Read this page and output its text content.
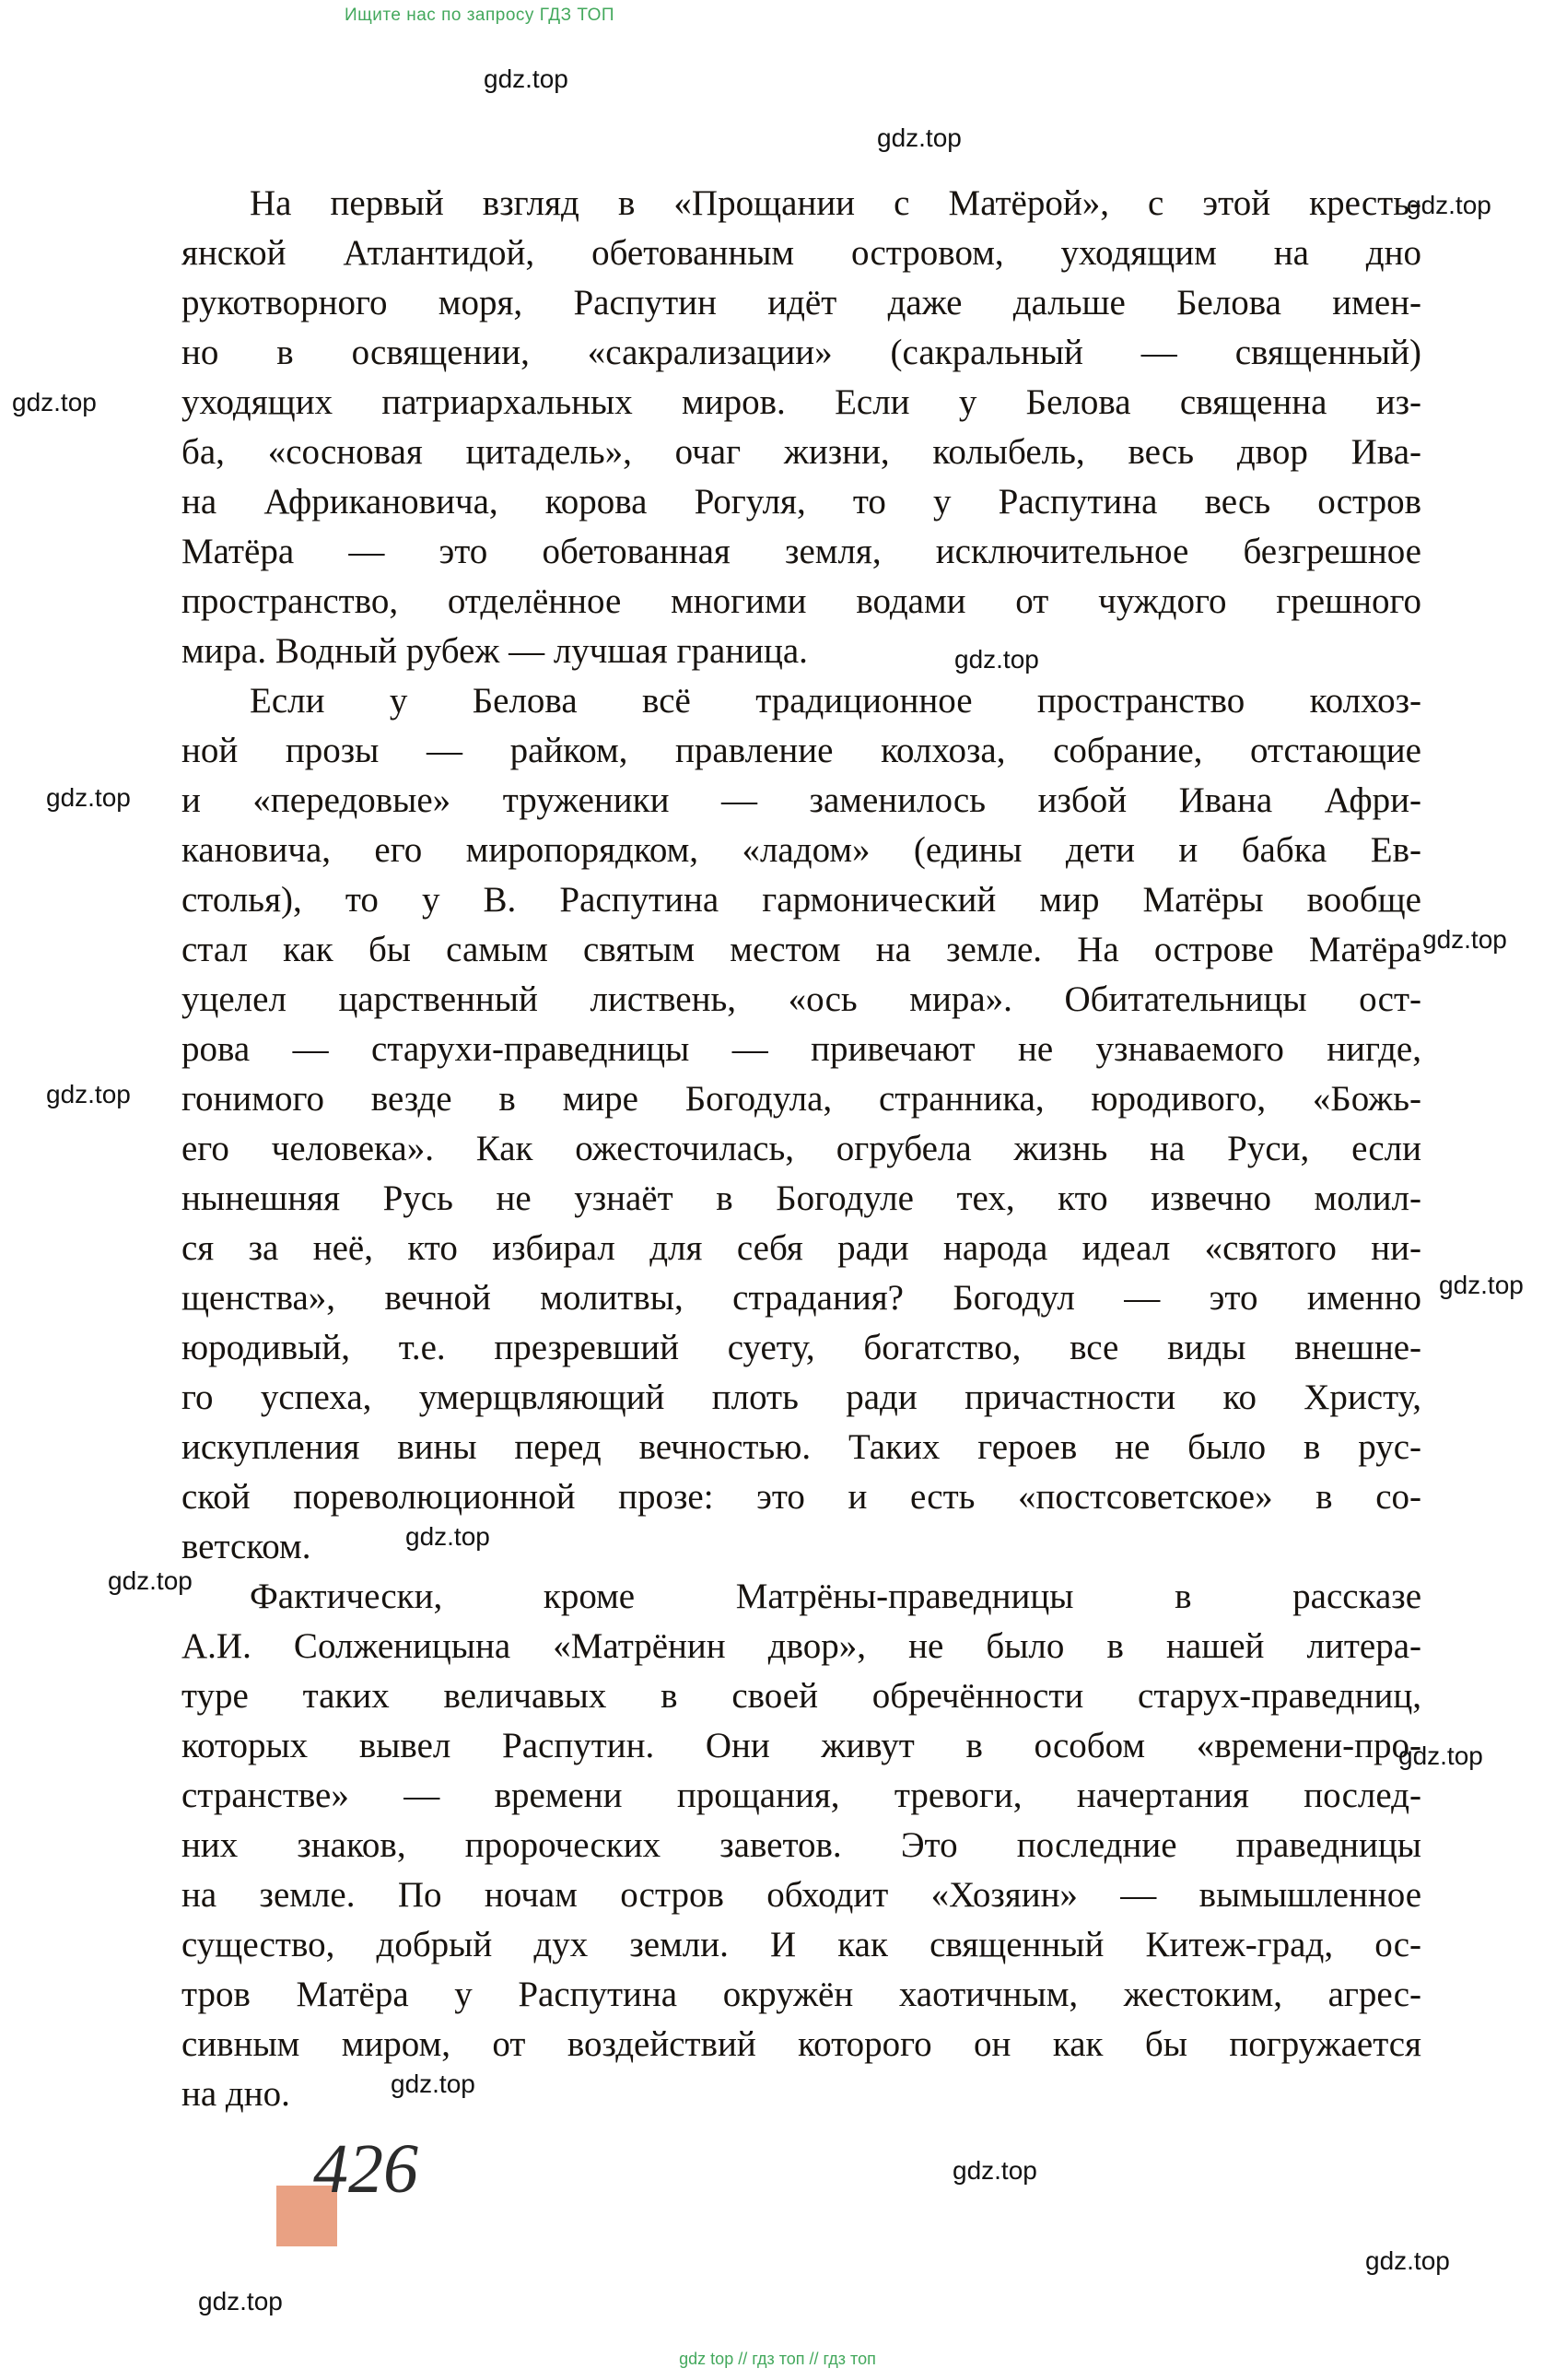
Ищите нас по запросу ГДЗ ТОП
На первый взгляд в «Прощании с Матёрой», с этой кресть-
янской Атлантидой, обетованным островом, уходящим на дно
рукотворного моря, Распутин идёт даже дальше Белова имен-
но в освящении, «сакрализации» (сакральный — священный)
уходящих патриархальных миров. Если у Белова священна из-
ба, «сосновая цитадель», очаг жизни, колыбель, весь двор Ива-
на Африкановича, корова Рогуля, то у Распутина весь остров
Матёра — это обетованная земля, исключительное безгрешное
пространство, отделённое многими водами от чуждого грешного
мира. Водный рубеж — лучшая граница.
Если у Белова всё традиционное пространство колхоз-
ной прозы — райком, правление колхоза, собрание, отстающие
и «передовые» труженики — заменилось избой Ивана Афри-
кановича, его миропорядком, «ладом» (едины дети и бабка Ев-
столья), то у В. Распутина гармонический мир Матёры вообще
стал как бы самым святым местом на земле. На острове Матёра
уцелел царственный листвень, «ось мира». Обитательницы ост-
рова — старухи-праведницы — привечают не узнаваемого нигде,
гонимого везде в мире Богодула, странника, юродивого, «Божь-
его человека». Как ожесточилась, огрубела жизнь на Руси, если
нынешняя Русь не узнаёт в Богодуле тех, кто извечно молил-
ся за неё, кто избирал для себя ради народа идеал «святого ни-
щенства», вечной молитвы, страдания? Богодул — это именно
юродивый, т.е. презревший суету, богатство, все виды внешне-
го успеха, умерщвляющий плоть ради причастности ко Христу,
искупления вины перед вечностью. Таких героев не было в рус-
ской пореволюционной прозе: это и есть «постсоветское» в со-
ветском.
Фактически, кроме Матрёны-праведницы в рассказе
А.И. Солженицына «Матрёнин двор», не было в нашей литера-
туре таких величавых в своей обречённости старух-праведниц,
которых вывел Распутин. Они живут в особом «времени-про-
странстве» — времени прощания, тревоги, начертания послед-
них знаков, пророческих заветов. Это последние праведницы
на земле. По ночам остров обходит «Хозяин» — вымышленное
существо, добрый дух земли. И как священный Китеж-град, ос-
тров Матёра у Распутина окружён хаотичным, жестоким, агрес-
сивным миром, от воздействий которого он как бы погружается
на дно.
gdz.top
gdz.top
gdz.top
gdz.top
gdz.top
gdz.top
gdz.top
gdz.top
gdz.top
gdz.top
gdz.top
gdz.top
gdz.top
gdz.top
gdz.top
gdz.top
426
gdz top // гдз топ // гдз топ
